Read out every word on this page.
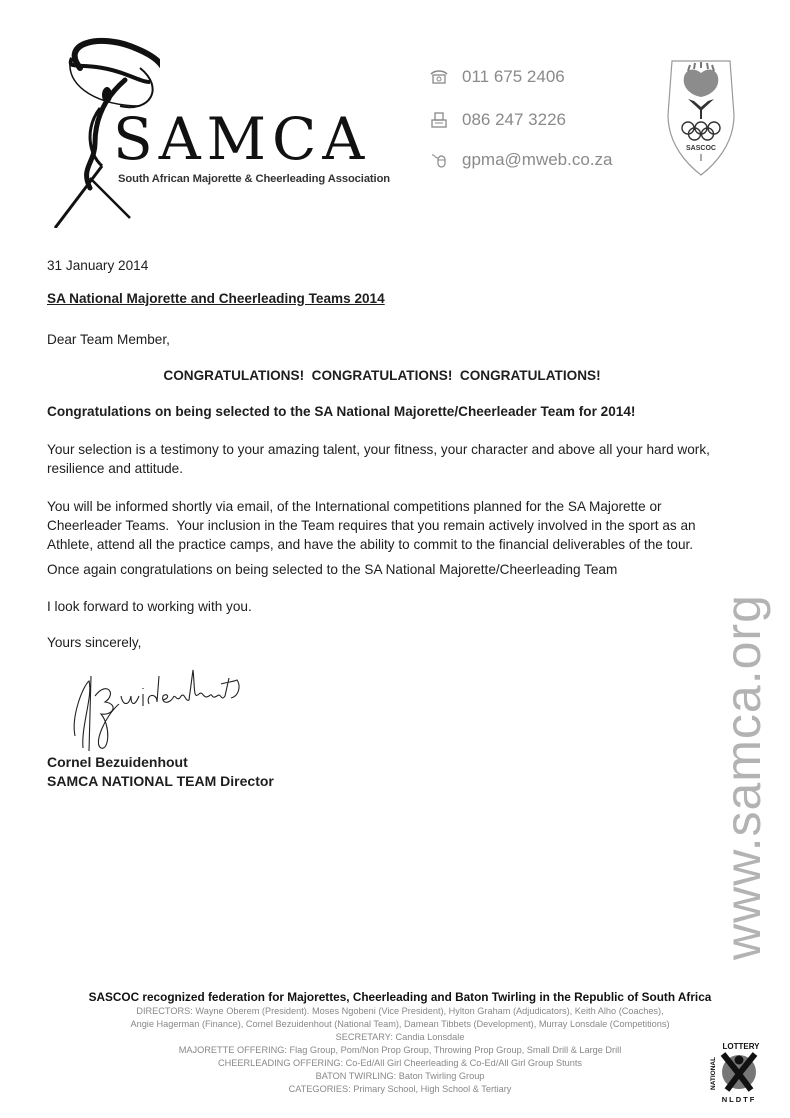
SAMCA
South African Majorette & Cheerleading Association
011 675 2406
086 247 3226
gpma@mweb.co.za
SASCOC

31 January 2014

SA National Majorette and Cheerleading Teams 2014

Dear Team Member,

CONGRATULATIONS!  CONGRATULATIONS!  CONGRATULATIONS!

Congratulations on being selected to the SA National Majorette/Cheerleader Team for 2014!

Your selection is a testimony to your amazing talent, your fitness, your character and above all your hard work, resilience and attitude.

You will be informed shortly via email, of the International competitions planned for the SA Majorette or Cheerleader Teams.  Your inclusion in the Team requires that you remain actively involved in the sport as an Athlete, attend all the practice camps, and have the ability to commit to the financial deliverables of the tour.

Once again congratulations on being selected to the SA National Majorette/Cheerleading Team

I look forward to working with you.

Yours sincerely,

Cornel Bezuidenhout

SAMCA NATIONAL TEAM Director	www.samca.org
SASCOC recognized federation for Majorettes, Cheerleading and Baton Twirling in the Republic of South Africa
DIRECTORS: Wayne Oberem (President). Moses Ngobeni (Vice President), Hylton Graham (Adjudicators), Keith Alho (Coaches),
Angie Hagerman (Finance), Cornel Bezuidenhout (National Team), Damean Tibbets (Development), Murray Lonsdale (Competitions)
SECRETARY: Candia Lonsdale
MAJORETTE OFFERING: Flag Group, Pom/Non Prop Group, Throwing Prop Group, Small Drill & Large Drill
CHEERLEADING OFFERING: Co-Ed/All Girl Cheerleading & Co-Ed/All Girl Group Stunts
BATON TWIRLING: Baton Twirling Group
CATEGORIES: Primary School, High School & Tertiary
LOTTERY
NATIONAL
NLDTF
